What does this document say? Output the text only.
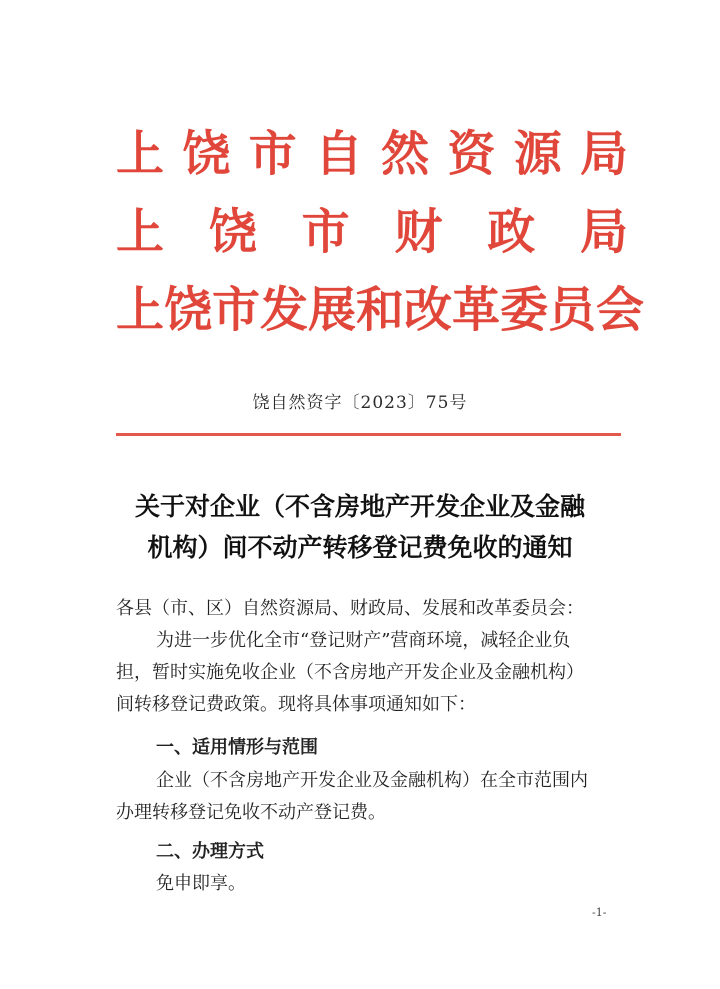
上 饶 市 自 然 资 源 局
上 饶 市 财 政 局
上饶市发展和改革委员会
饶自然资字〔2023〕75号
关于对企业（不含房地产开发企业及金融
机构）间不动产转移登记费免收的通知
各县（市、区）自然资源局、财政局、发展和改革委员会：
为进一步优化全市“登记财产”营商环境，减轻企业负
担，暂时实施免收企业（不含房地产开发企业及金融机构）
间转移登记费政策。现将具体事项通知如下：
一、适用情形与范围
企业（不含房地产开发企业及金融机构）在全市范围内
办理转移登记免收不动产登记费。
二、办理方式
免申即享。
-1-
